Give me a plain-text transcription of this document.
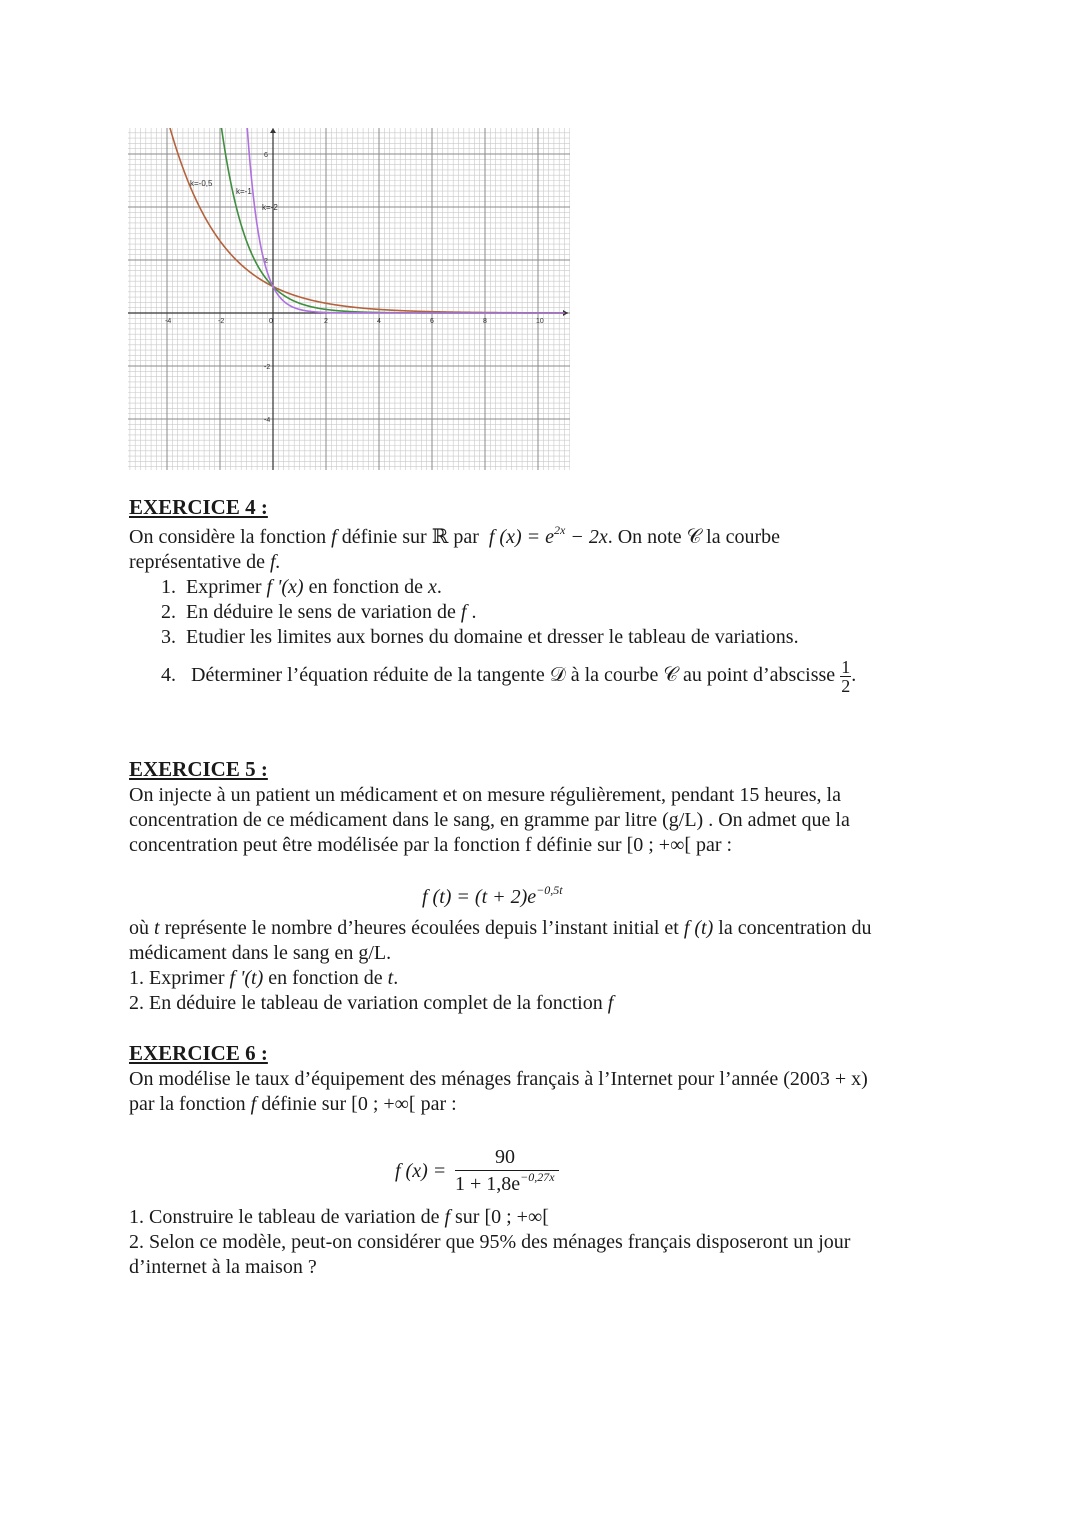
-4	-2	0	2	4	6	8	10
6
2
-2
-4
k=-0,5
k=-1
k=-2
EXERCICE 4 :
On considère la fonction f définie sur ℝ par f $(x) = e^{2x} - 2x$. On note 𝒞 la courbe
représentative de f.
1. Exprimer f '(x) en fonction de x.
2. En déduire le sens de variation de f .
3. Etudier les limites aux bornes du domaine et dresser le tableau de variations.
4. Déterminer l’équation réduite de la tangente 𝒟 à la courbe 𝒞 au point d’abscisse $\frac{1}{2}$ .
EXERCICE 5 :
On injecte à un patient un médicament et on mesure régulièrement, pendant 15 heures, la
concentration de ce médicament dans le sang, en gramme par litre (g/L) . On admet que la
concentration peut être modélisée par la fonction f définie sur [0 ; +∞[ par :
f $(t) = (t + 2)e^{-0,5t}$
où t représente le nombre d’heures écoulées depuis l’instant initial et f (t) la concentration du
médicament dans le sang en g/L.
1. Exprimer f '(t) en fonction de t.
2. En déduire le tableau de variation complet de la fonction f
EXERCICE 6 :
On modélise le taux d’équipement des ménages français à l’Internet pour l’année (2003 + x)
par la fonction f définie sur [0 ; +∞[ par :
f (x) =
90
$1 + 1,8e^{-0,27x}$
1. Construire le tableau de variation de f sur [0 ; +∞[
2. Selon ce modèle, peut-on considérer que 95% des ménages français disposeront un jour
d’internet à la maison ?
